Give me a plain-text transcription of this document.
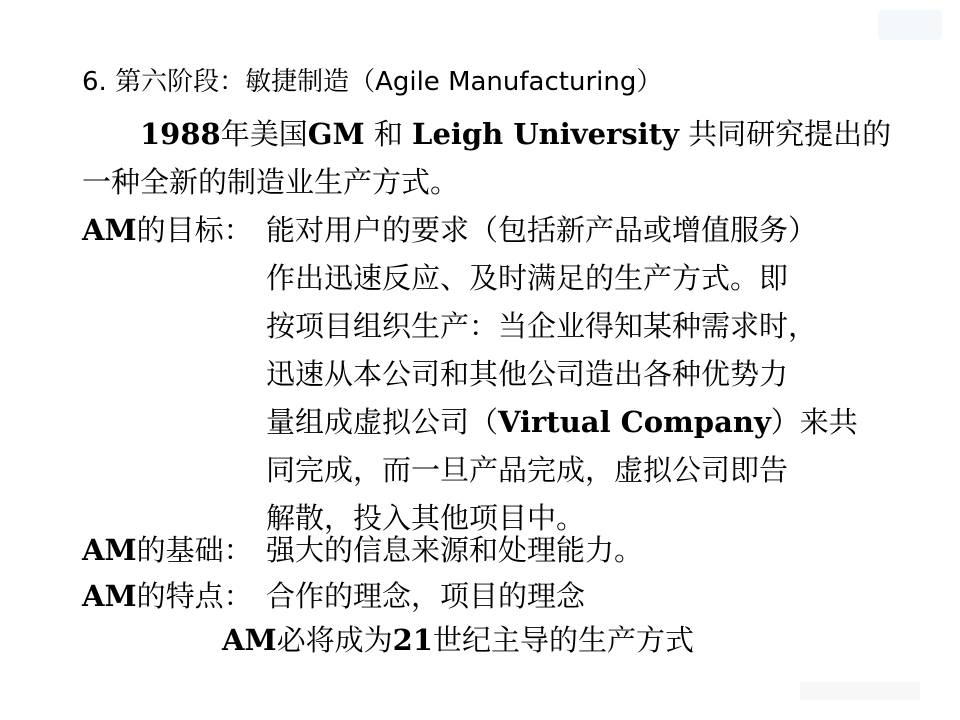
6. 第六阶段：敏捷制造（Agile Manufacturing）
1988年美国GM 和 Leigh University 共同研究提出的
一种全新的制造业生产方式。
AM的目标： 能对用户的要求（包括新产品或增值服务）
作出迅速反应、及时满足的生产方式。即
按项目组织生产：当企业得知某种需求时，
迅速从本公司和其他公司造出各种优势力
量组成虚拟公司（Virtual Company）来共
同完成，而一旦产品完成，虚拟公司即告
解散，投入其他项目中。
AM的基础： 强大的信息来源和处理能力。
AM的特点： 合作的理念，项目的理念
AM必将成为21世纪主导的生产方式
